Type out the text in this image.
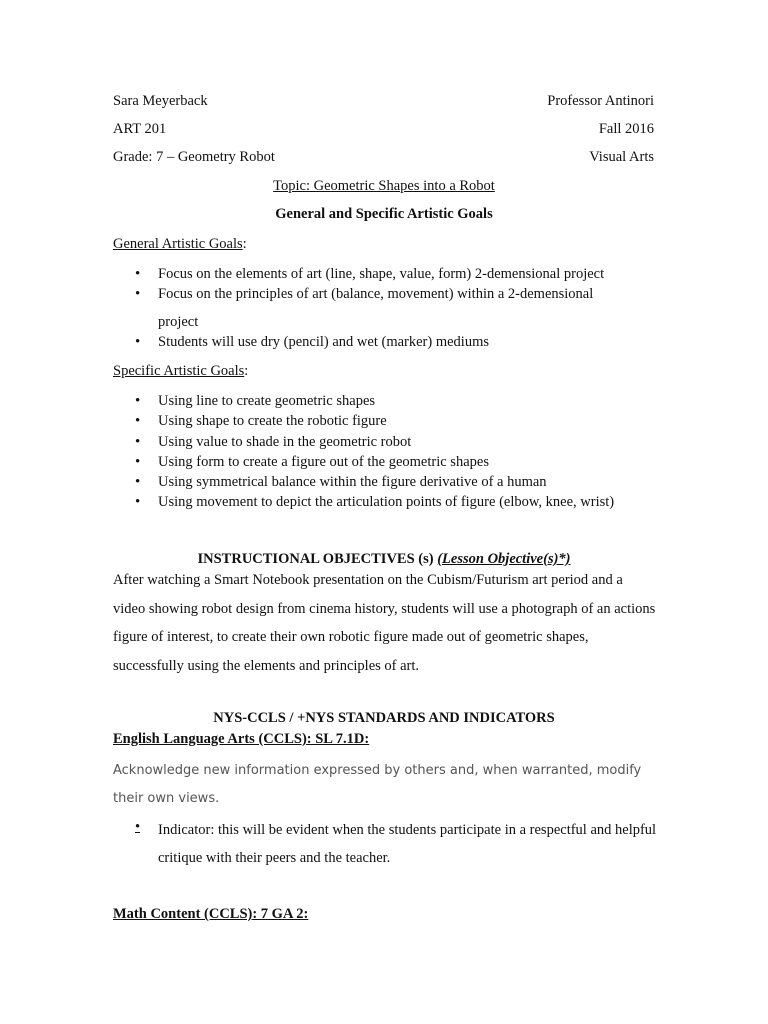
Sara Meyerback	Professor Antinori
ART 201	Fall 2016
Grade: 7 – Geometry Robot	Visual Arts
Topic: Geometric Shapes into a Robot
General and Specific Artistic Goals
General Artistic Goals:
• Focus on the elements of art (line, shape, value, form) 2-demensional project
• Focus on the principles of art (balance, movement) within a 2-demensional
project
• Students will use dry (pencil) and wet (marker) mediums
Specific Artistic Goals:
• Using line to create geometric shapes
• Using shape to create the robotic figure
• Using value to shade in the geometric robot
• Using form to create a figure out of the geometric shapes
• Using symmetrical balance within the figure derivative of a human
• Using movement to depict the articulation points of figure (elbow, knee, wrist)
INSTRUCTIONAL OBJECTIVES (s) (Lesson Objective(s)*)
After watching a Smart Notebook presentation on the Cubism/Futurism art period and a video showing robot design from cinema history, students will use a photograph of an actions figure of interest, to create their own robotic figure made out of geometric shapes, successfully using the elements and principles of art.
NYS-CCLS / +NYS STANDARDS AND INDICATORS
English Language Arts (CCLS): SL 7.1D:
Acknowledge new information expressed by others and, when warranted, modify their own views.
•	Indicator: this will be evident when the students participate in a respectful and helpful critique with their peers and the teacher.
Math Content (CCLS): 7 GA 2:
